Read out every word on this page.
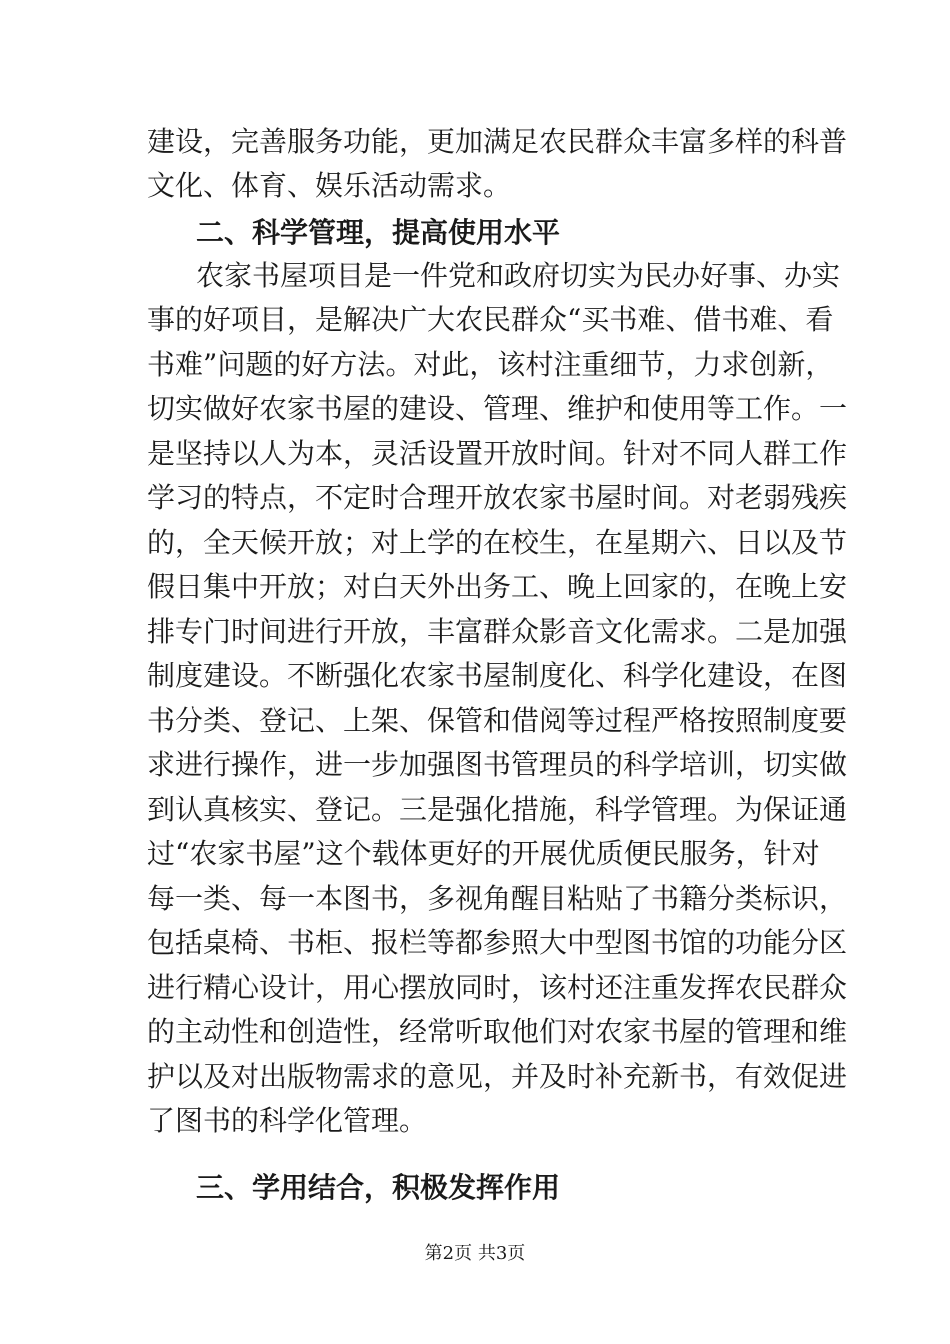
建设，完善服务功能，更加满足农民群众丰富多样的科普
文化、体育、娱乐活动需求。
二、科学管理，提高使用水平
农家书屋项目是一件党和政府切实为民办好事、办实
事的好项目，是解决广大农民群众“买书难、借书难、看
书难”问题的好方法。对此，该村注重细节，力求创新，
切实做好农家书屋的建设、管理、维护和使用等工作。一
是坚持以人为本，灵活设置开放时间。针对不同人群工作
学习的特点，不定时合理开放农家书屋时间。对老弱残疾
的，全天候开放；对上学的在校生，在星期六、日以及节
假日集中开放；对白天外出务工、晚上回家的，在晚上安
排专门时间进行开放，丰富群众影音文化需求。二是加强
制度建设。不断强化农家书屋制度化、科学化建设，在图
书分类、登记、上架、保管和借阅等过程严格按照制度要
求进行操作，进一步加强图书管理员的科学培训，切实做
到认真核实、登记。三是强化措施，科学管理。为保证通
过“农家书屋”这个载体更好的开展优质便民服务，针对
每一类、每一本图书，多视角醒目粘贴了书籍分类标识，
包括桌椅、书柜、报栏等都参照大中型图书馆的功能分区
进行精心设计，用心摆放同时，该村还注重发挥农民群众
的主动性和创造性，经常听取他们对农家书屋的管理和维
护以及对出版物需求的意见，并及时补充新书，有效促进
了图书的科学化管理。
三、学用结合，积极发挥作用
第2页 共3页
